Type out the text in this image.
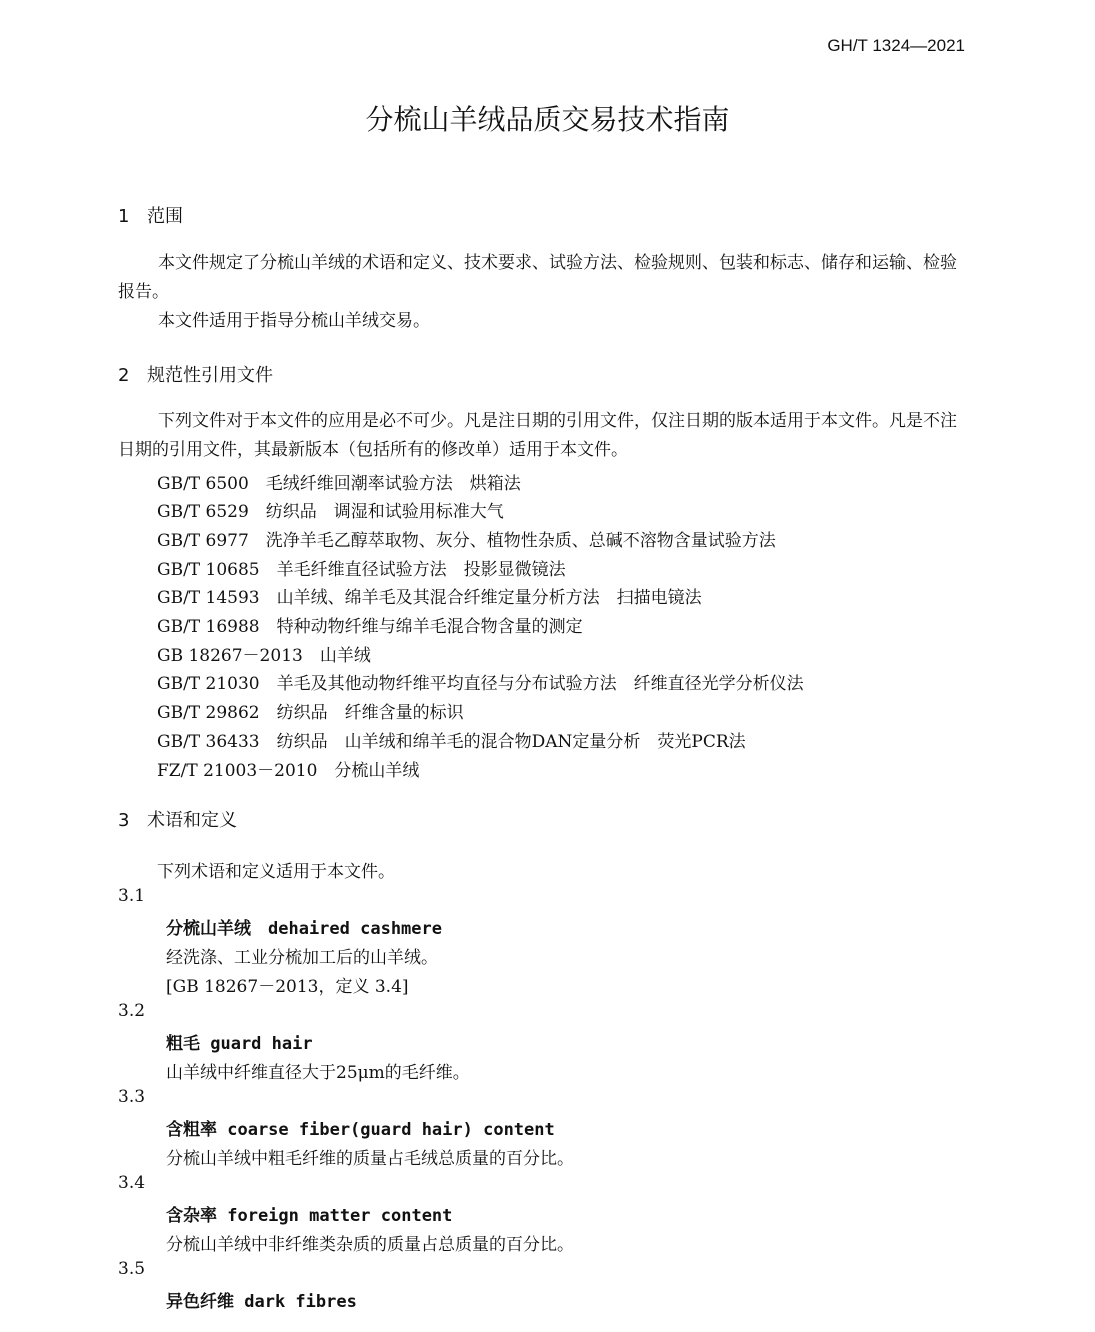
GH/T 1324—2021
分梳山羊绒品质交易技术指南
1 范围

本文件规定了分梳山羊绒的术语和定义、技术要求、试验方法、检验规则、包装和标志、储存和运输、检验报告。

本文件适用于指导分梳山羊绒交易。

2 规范性引用文件

下列文件对于本文件的应用是必不可少。凡是注日期的引用文件，仅注日期的版本适用于本文件。凡是不注日期的引用文件，其最新版本（包括所有的修改单）适用于本文件。

GB/T 6500　毛绒纤维回潮率试验方法　烘箱法
GB/T 6529　纺织品　调湿和试验用标准大气
GB/T 6977　洗净羊毛乙醇萃取物、灰分、植物性杂质、总碱不溶物含量试验方法
GB/T 10685　羊毛纤维直径试验方法　投影显微镜法
GB/T 14593　山羊绒、绵羊毛及其混合纤维定量分析方法　扫描电镜法
GB/T 16988　特种动物纤维与绵羊毛混合物含量的测定
GB 18267－2013　山羊绒
GB/T 21030　羊毛及其他动物纤维平均直径与分布试验方法　纤维直径光学分析仪法
GB/T 29862　纺织品　纤维含量的标识
GB/T 36433　纺织品　山羊绒和绵羊毛的混合物DAN定量分析　荧光PCR法
FZ/T 21003－2010　分梳山羊绒
3 术语和定义
下列术语和定义适用于本文件。
3.1
分梳山羊绒　dehaired cashmere
经洗涤、工业分梳加工后的山羊绒。
[GB 18267－2013，定义 3.4]
3.2
粗毛 guard hair
山羊绒中纤维直径大于25μm的毛纤维。
3.3
含粗率 coarse fiber(guard hair) content
分梳山羊绒中粗毛纤维的质量占毛绒总质量的百分比。
3.4
含杂率 foreign matter content
分梳山羊绒中非纤维类杂质的质量占总质量的百分比。
3.5
异色纤维 dark fibres
